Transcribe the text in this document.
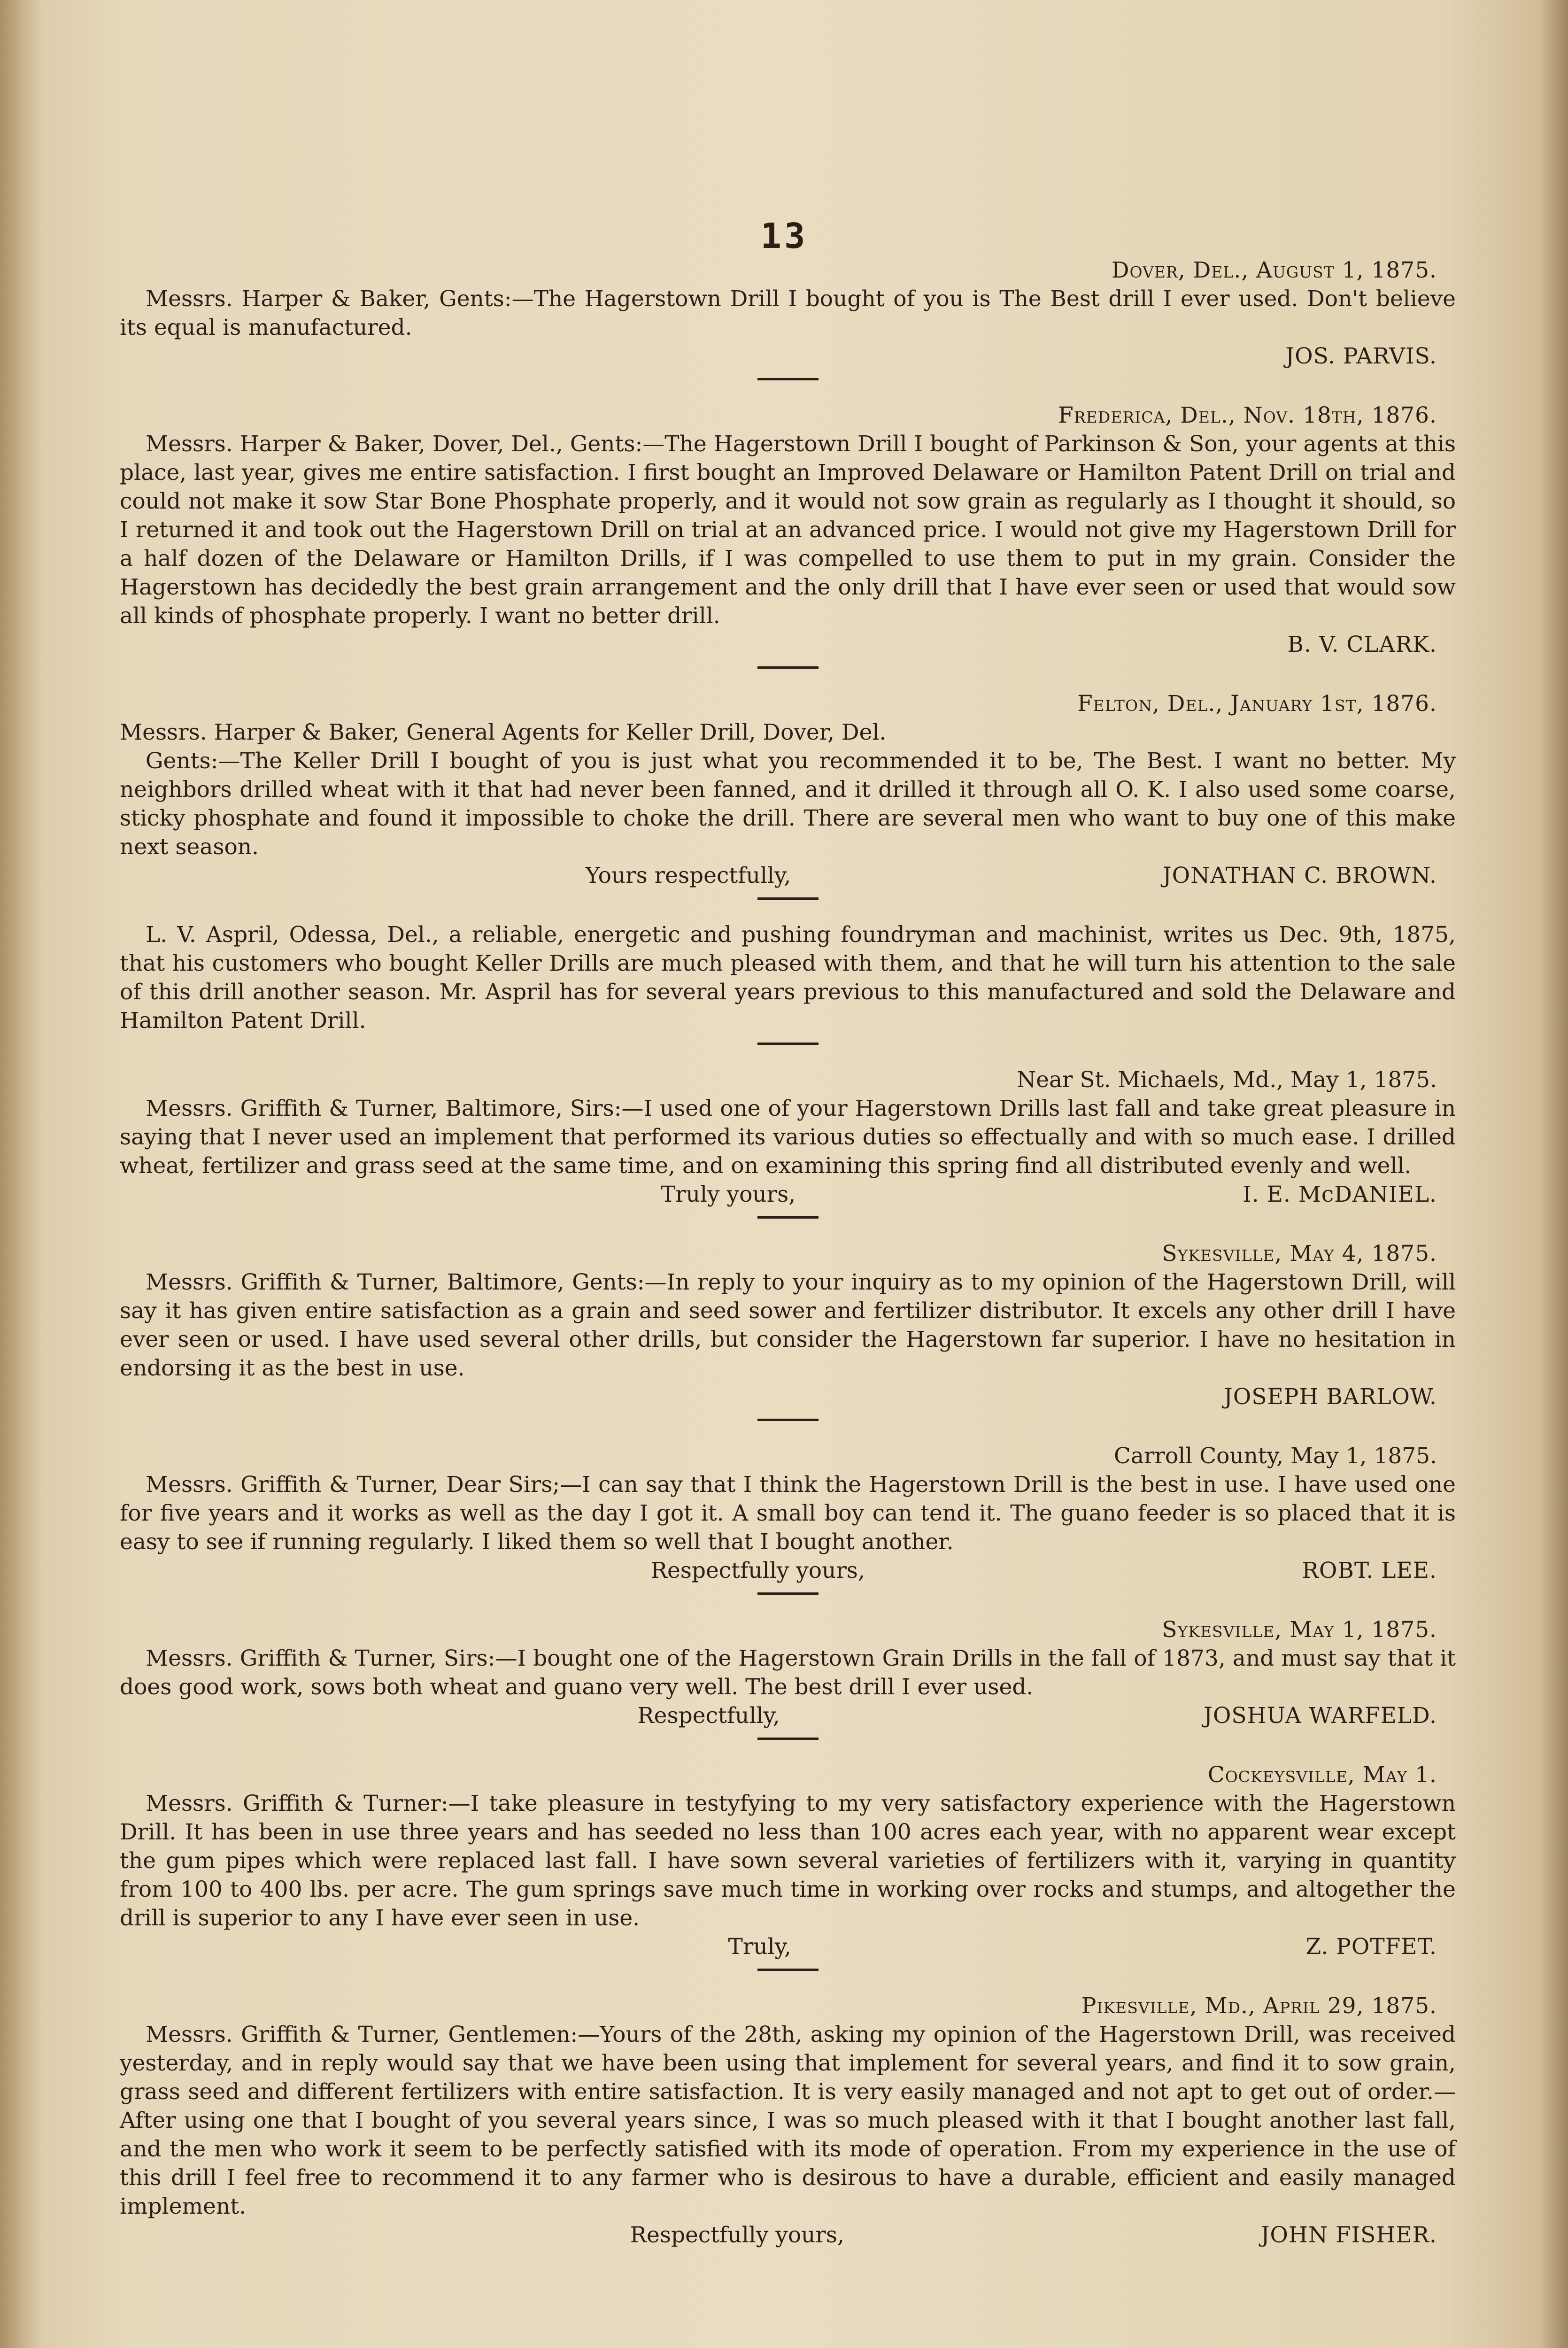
13
Dover, Del., August 1, 1875.

Messrs. Harper & Baker, Gents:—The Hagerstown Drill I bought of you is The Best drill I ever used. Don't believe its equal is manufactured.

JOS. PARVIS.
Frederica, Del., Nov. 18th, 1876.

Messrs. Harper & Baker, Dover, Del., Gents:—The Hagerstown Drill I bought of Parkinson & Son, your agents at this place, last year, gives me entire satisfaction. I first bought an Improved Delaware or Hamilton Patent Drill on trial and could not make it sow Star Bone Phosphate properly, and it would not sow grain as regularly as I thought it should, so I returned it and took out the Hagerstown Drill on trial at an advanced price. I would not give my Hagerstown Drill for a half dozen of the Delaware or Hamilton Drills, if I was compelled to use them to put in my grain. Consider the Hagerstown has decidedly the best grain arrangement and the only drill that I have ever seen or used that would sow all kinds of phosphate properly. I want no better drill.

B. V. CLARK.
Felton, Del., January 1st, 1876.

Messrs. Harper & Baker, General Agents for Keller Drill, Dover, Del.

Gents:—The Keller Drill I bought of you is just what you recommended it to be, The Best. I want no better. My neighbors drilled wheat with it that had never been fanned, and it drilled it through all O. K. I also used some coarse, sticky phosphate and found it impossible to choke the drill. There are several men who want to buy one of this make next season.

Yours respectfully,	JONATHAN C. BROWN.

L. V. Aspril, Odessa, Del., a reliable, energetic and pushing foundryman and machinist, writes us Dec. 9th, 1875, that his customers who bought Keller Drills are much pleased with them, and that he will turn his attention to the sale of this drill another season. Mr. Aspril has for several years previous to this manufactured and sold the Delaware and Hamilton Patent Drill.

Near St. Michaels, Md., May 1, 1875.

Messrs. Griffith & Turner, Baltimore, Sirs:—I used one of your Hagerstown Drills last fall and take great pleasure in saying that I never used an implement that performed its various duties so effectually and with so much ease. I drilled wheat, fertilizer and grass seed at the same time, and on examining this spring find all distributed evenly and well.

Truly yours,	I. E. McDANIEL.
Sykesville, May 4, 1875.

Messrs. Griffith & Turner, Baltimore, Gents:—In reply to your inquiry as to my opinion of the Hagerstown Drill, will say it has given entire satisfaction as a grain and seed sower and fertilizer distributor. It excels any other drill I have ever seen or used. I have used several other drills, but consider the Hagerstown far superior. I have no hesitation in endorsing it as the best in use.

JOSEPH BARLOW.
Carroll County, May 1, 1875.

Messrs. Griffith & Turner, Dear Sirs;—I can say that I think the Hagerstown Drill is the best in use. I have used one for five years and it works as well as the day I got it. A small boy can tend it. The guano feeder is so placed that it is easy to see if running regularly. I liked them so well that I bought another.

Respectfully yours,	ROBT. LEE.
Sykesville, May 1, 1875.

Messrs. Griffith & Turner, Sirs:—I bought one of the Hagerstown Grain Drills in the fall of 1873, and must say that it does good work, sows both wheat and guano very well. The best drill I ever used.

Respectfully,	JOSHUA WARFELD.
Cockeysville, May 1.

Messrs. Griffith & Turner:—I take pleasure in testyfying to my very satisfactory experience with the Hagerstown Drill. It has been in use three years and has seeded no less than 100 acres each year, with no apparent wear except the gum pipes which were replaced last fall. I have sown several varieties of fertilizers with it, varying in quantity from 100 to 400 lbs. per acre. The gum springs save much time in working over rocks and stumps, and altogether the drill is superior to any I have ever seen in use.

Truly,	Z. POTFET.
Pikesville, Md., April 29, 1875.

Messrs. Griffith & Turner, Gentlemen:—Yours of the 28th, asking my opinion of the Hagerstown Drill, was received yesterday, and in reply would say that we have been using that implement for several years, and find it to sow grain, grass seed and different fertilizers with entire satisfaction. It is very easily managed and not apt to get out of order.—After using one that I bought of you several years since, I was so much pleased with it that I bought another last fall, and the men who work it seem to be perfectly satisfied with its mode of operation. From my experience in the use of this drill I feel free to recommend it to any farmer who is desirous to have a durable, efficient and easily managed implement.

Respectfully yours,	JOHN FISHER.
